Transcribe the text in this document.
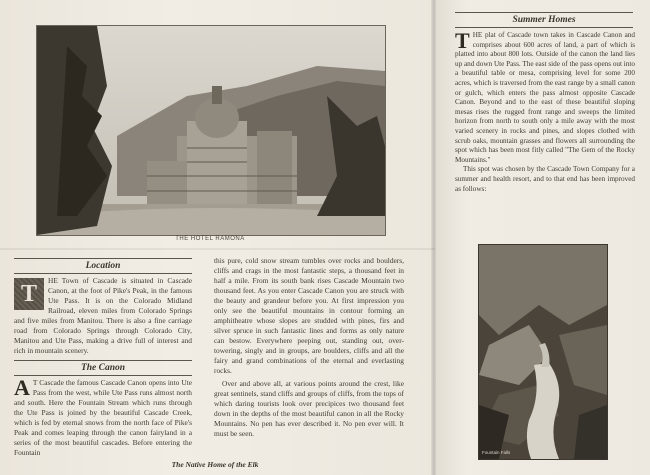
THE HOTEL RAMONA
Location
T
HE Town of Cascade is situated in Cascade Canon, at the foot of Pike's Peak, in the famous Ute Pass. It is on the Colorado Midland Railroad, eleven miles from Colorado Springs and five miles from Manitou. There is also a fine carriage road from Colorado Springs through Colorado City, Manitou and Ute Pass, making a drive full of interest and rich in mountain scenery.
The Canon
A T Cascade the famous Cascade Canon opens into Ute Pass from the west, while Ute Pass runs almost north and south. Here the Fountain Stream which runs through the Ute Pass is joined by the beautiful Cascade Creek, which is fed by eternal snows from the north face of Pike's Peak and comes leaping through the canon fairyland in a series of the most beautiful cascades. Before entering the Fountain

this pure, cold snow stream tumbles over rocks and boulders, cliffs and crags in the most fantastic steps, a thousand feet in half a mile. From its south bank rises Cascade Mountain two thousand feet. As you enter Cascade Canon you are struck with the beauty and grandeur before you. At first impression you only see the beautiful mountains in contour forming an amphitheatre whose slopes are studded with pines, firs and silver spruce in such fantastic lines and forms as only nature can bestow. Everywhere peeping out, standing out, over-towering, singly and in groups, are boulders, cliffs and all the fairy and grand combinations of the eternal and everlasting rocks.

Over and above all, at various points around the crest, like great sentinels, stand cliffs and groups of cliffs, from the tops of which daring tourists look over precipices two thousand feet down in the depths of the most beautiful canon in all the Rocky Mountains. No pen has ever described it. No pen ever will. It must be seen.

The Native Home of the Elk
Summer Homes

THE plat of Cascade town takes in Cascade Canon and comprises about 600 acres of land, a part of which is platted into about 800 lots. Outside of the canon the land lies up and down Ute Pass. The east side of the pass opens out into a beautiful table or mesa, comprising level for some 200 acres, which is traversed from the east range by a small canon or gulch, which enters the pass almost opposite Cascade Canon. Beyond and to the east of these beautiful sloping mesas rises the rugged front range and sweeps the limited horizon from north to south only a mile away with the most varied scenery in rocks and pines, and slopes clothed with scrub oaks, mountain grasses and flowers all surrounding the spot which has been most fitly called "The Gem of the Rocky Mountains."

This spot was chosen by the Cascade Town Company for a summer and health resort, and to that end has been improved as follows:

Fountain Falls
